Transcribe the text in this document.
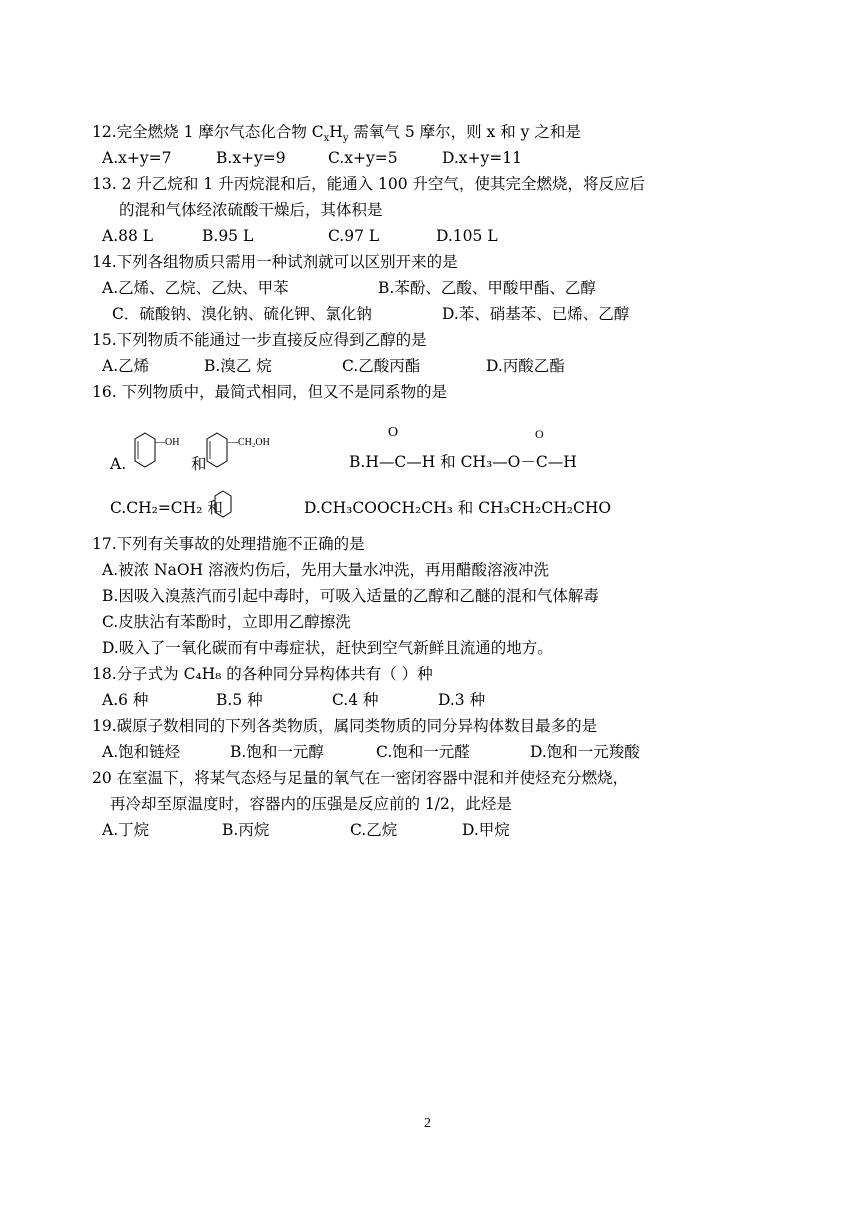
12.完全燃烧 1 摩尔气态化合物 $C_xH_y$ 需氧气 5 摩尔，则 x 和 y 之和是
A.x+y=7	B.x+y=9	C.x+y=5	D.x+y=11
13. 2 升乙烷和 1 升丙烷混和后，能通入 100 升空气，使其完全燃烧，将反应后
的混和气体经浓硫酸干燥后，其体积是
A.88 L	B.95 L	C.97 L	D.105 L
14.下列各组物质只需用一种试剂就可以区别开来的是
A.乙烯、乙烷、乙炔、甲苯	B.苯酚、乙酸、甲酸甲酯、乙醇
C．硫酸钠、溴化钠、硫化钾、氯化钠	D.苯、硝基苯、已烯、乙醇
15.下列物质不能通过一步直接反应得到乙醇的是
A.乙烯	B.溴乙 烷	C.乙酸丙酯	D.丙酸乙酯
16. 下列物质中，最简式相同，但又不是同系物的是
A.
—OH
和
—CH₂OH
O	O
B.H—C—H 和 CH₃—O－C—H
C.CH₂=CH₂ 和	D.CH₃COOCH₂CH₃ 和 CH₃CH₂CH₂CHO
17.下列有关事故的处理措施不正确的是
A.被浓 NaOH 溶液灼伤后，先用大量水冲洗，再用醋酸溶液冲洗
B.因吸入溴蒸汽而引起中毒时，可吸入适量的乙醇和乙醚的混和气体解毒
C.皮肤沾有苯酚时，立即用乙醇擦洗
D.吸入了一氧化碳而有中毒症状，赶快到空气新鲜且流通的地方。
18.分子式为 C₄H₈ 的各种同分异构体共有（ ）种
A.6 种	B.5 种	C.4 种	D.3 种
19.碳原子数相同的下列各类物质，属同类物质的同分异构体数目最多的是
A.饱和链烃	B.饱和一元醇	C.饱和一元醛	D.饱和一元羧酸
20 在室温下，将某气态烃与足量的氧气在一密闭容器中混和并使烃充分燃烧，
再冷却至原温度时，容器内的压强是反应前的 1/2，此烃是
A.丁烷	B.丙烷	C.乙烷	D.甲烷
2
